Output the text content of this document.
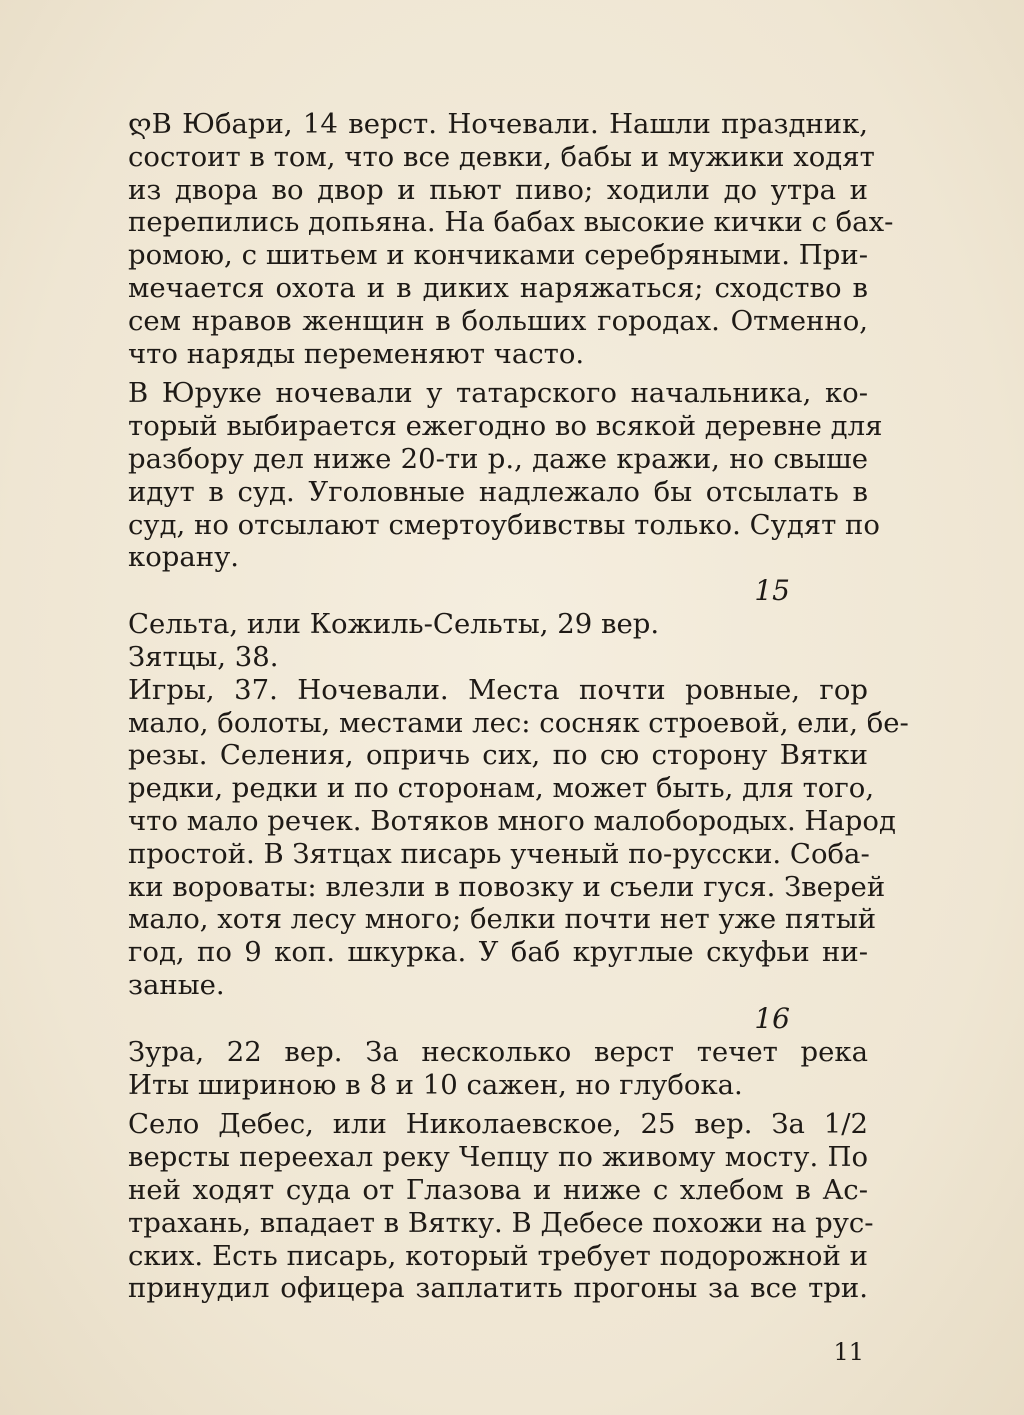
ღВ Юбари, 14 верст. Ночевали. Нашли праздник,
состоит в том, что все девки, бабы и мужики ходят
из двора во двор и пьют пиво; ходили до утра и
перепились допьяна. На бабах высокие кички с бах-
ромою, с шитьем и кончиками серебряными. При-
мечается охота и в диких наряжаться; сходство в
сем нравов женщин в больших городах. Отменно,
что наряды переменяют часто.

В Юруке ночевали у татарского начальника, ко-
торый выбирается ежегодно во всякой деревне для
разбору дел ниже 20-ти р., даже кражи, но свыше
идут в суд. Уголовные надлежало бы отсылать в
суд, но отсылают смертоубивствы только. Судят по
корану.

15

Сельта, или Кожиль-Сельты, 29 вер.

Зятцы, 38.

Игры, 37. Ночевали. Места почти ровные, гор
мало, болоты, местами лес: сосняк строевой, ели, бе-
резы. Селения, опричь сих, по сю сторону Вятки
редки, редки и по сторонам, может быть, для того,
что мало речек. Вотяков много малобородых. Народ
простой. В Зятцах писарь ученый по-русски. Соба-
ки вороваты: влезли в повозку и съели гуся. Зверей
мало, хотя лесу много; белки почти нет уже пятый
год, по 9 коп. шкурка. У баб круглые скуфьи ни-
заные.

16

Зура, 22 вер. За несколько верст течет река
Иты шириною в 8 и 10 сажен, но глубока.

Село Дебес, или Николаевское, 25 вер. За 1/2
версты переехал реку Чепцу по живому мосту. По
ней ходят суда от Глазова и ниже с хлебом в Ас-
трахань, впадает в Вятку. В Дебесе похожи на рус-
ских. Есть писарь, который требует подорожной и
принудил офицера заплатить прогоны за все три.

11
